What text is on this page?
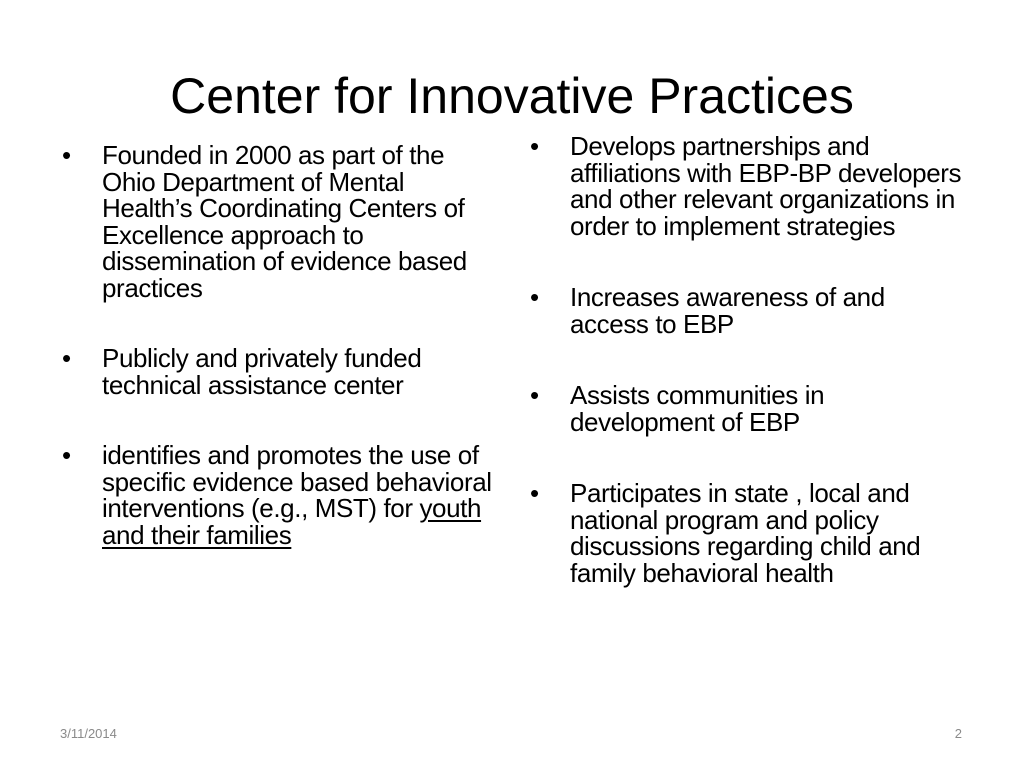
Center for Innovative Practices
• Founded in 2000 as part of the Ohio Department of Mental Health’s Coordinating Centers of Excellence approach to dissemination of evidence based practices
• Publicly and privately funded technical assistance center
• identifies and promotes the use of specific evidence based behavioral interventions (e.g., MST) for youth and their families
• Develops partnerships and affiliations with EBP-BP developers and other relevant organizations in order to implement strategies
• Increases awareness of and access to EBP
• Assists communities in development of EBP
• Participates in state , local and national program and policy discussions regarding child and family behavioral health
3/11/2014	2
